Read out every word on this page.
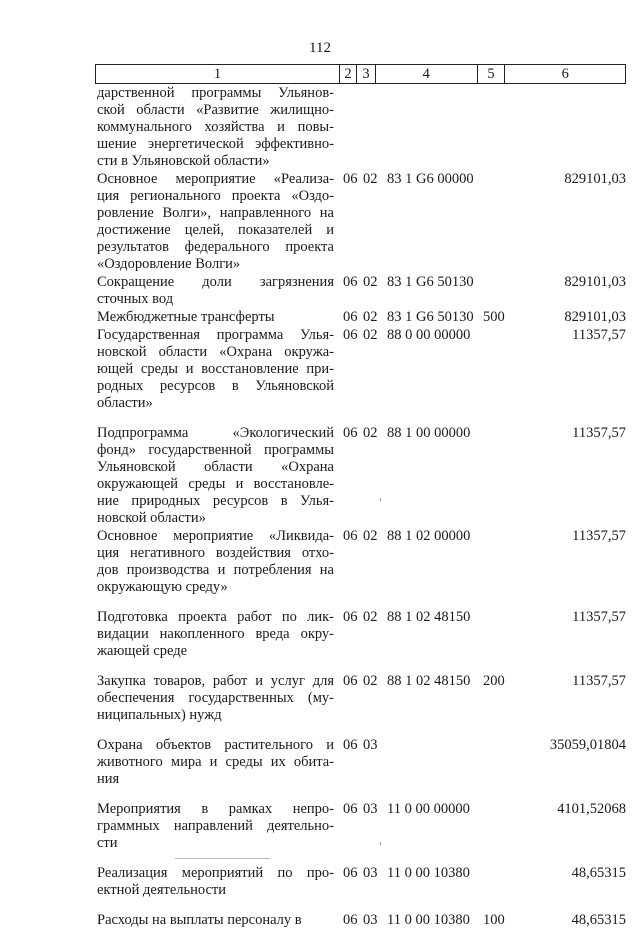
112
1	2 3	4	5	6
дарственной программы Ульянов-
ской области «Развитие жилищно-
коммунального хозяйства и повы-
шение энергетической эффективно-
сти в Ульяновской области»
Основное мероприятие «Реализа-
ция регионального проекта «Оздо-
ровление Волги», направленного на
достижение целей, показателей и
результатов федерального проекта
«Оздоровление Волги»
06 02 83 1 G6 00000	829101,03
Сокращение доли загрязнения
сточных вод
06 02 83 1 G6 50130	829101,03
Межбюджетные трансферты	06 02 83 1 G6 50130 500	829101,03
Государственная программа Улья-
новской области «Охрана окружа-
ющей среды и восстановление при-
родных ресурсов в Ульяновской
области»
06 02 88 0 00 00000	11357,57
Подпрограмма «Экологический
фонд» государственной программы
Ульяновской области «Охрана
окружающей среды и восстановле-
ние природных ресурсов в Улья-
новской области»
06 02 88 1 00 00000	11357,57
Основное мероприятие «Ликвида-
ция негативного воздействия отхо-
дов производства и потребления на
окружающую среду»
06 02 88 1 02 00000	11357,57
Подготовка проекта работ по лик-
видации накопленного вреда окру-
жающей среде
06 02 88 1 02 48150	11357,57
Закупка товаров, работ и услуг для
обеспечения государственных (му-
ниципальных) нужд
06 02 88 1 02 48150 200	11357,57
Охрана объектов растительного и
животного мира и среды их обита-
ния
06 03	35059,01804
Мероприятия в рамках непро-
граммных направлений деятельно-
сти
06 03 11 0 00 00000	4101,52068
Реализация мероприятий по про-
ектной деятельности
06 03 11 0 00 10380	48,65315
Расходы на выплаты персоналу в	06 03 11 0 00 10380 100	48,65315
